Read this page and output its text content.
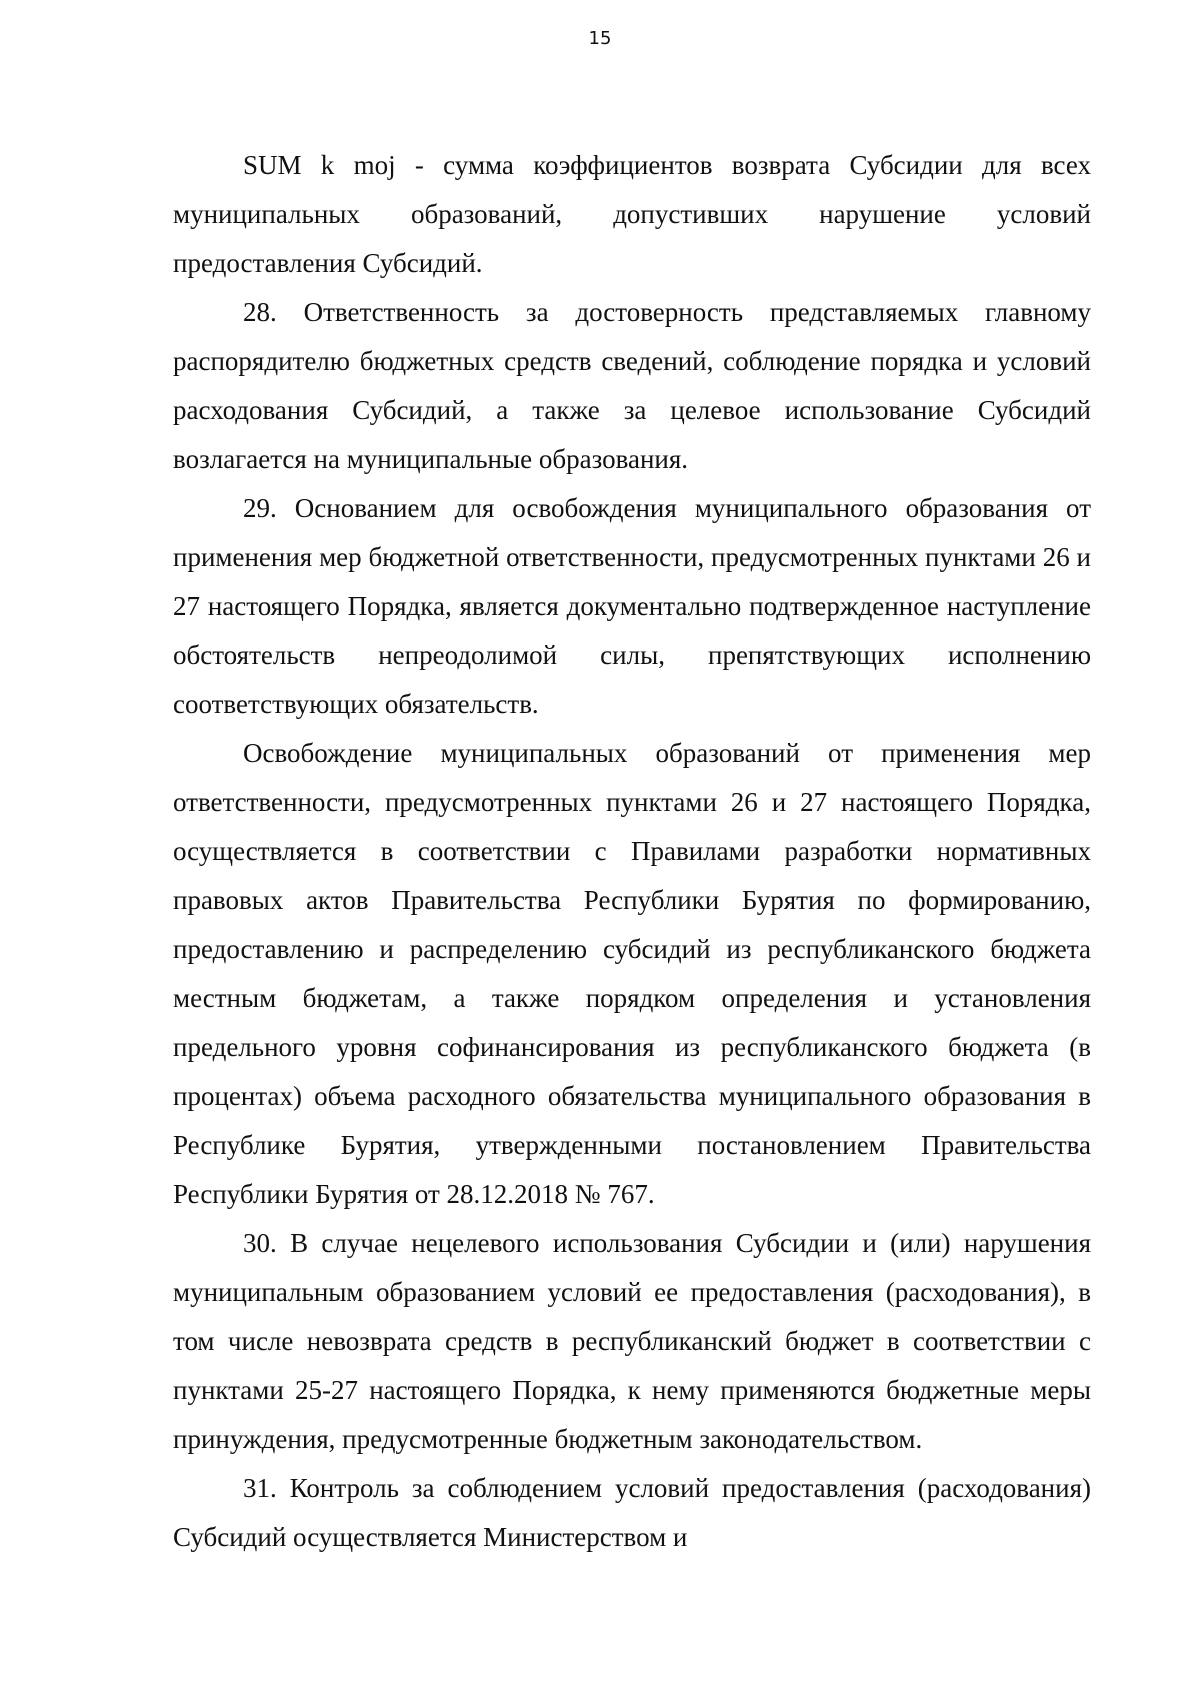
15

SUM k moj - сумма коэффициентов возврата Субсидии для всех муниципальных образований, допустивших нарушение условий предоставления Субсидий.

28. Ответственность за достоверность представляемых главному распорядителю бюджетных средств сведений, соблюдение порядка и условий расходования Субсидий, а также за целевое использование Субсидий возлагается на муниципальные образования.

29. Основанием для освобождения муниципального образования от применения мер бюджетной ответственности, предусмотренных пунктами 26 и 27 настоящего Порядка, является документально подтвержденное наступление обстоятельств непреодолимой силы, препятствующих исполнению соответствующих обязательств.

Освобождение муниципальных образований от применения мер ответственности, предусмотренных пунктами 26 и 27 настоящего Порядка, осуществляется в соответствии с Правилами разработки нормативных правовых актов Правительства Республики Бурятия по формированию, предоставлению и распределению субсидий из республиканского бюджета местным бюджетам, а также порядком определения и установления предельного уровня софинансирования из республиканского бюджета (в процентах) объема расходного обязательства муниципального образования в Республике Бурятия, утвержденными постановлением Правительства Республики Бурятия от 28.12.2018 № 767.

30. В случае нецелевого использования Субсидии и (или) нарушения муниципальным образованием условий ее предоставления (расходования), в том числе невозврата средств в республиканский бюджет в соответствии с пунктами 25-27 настоящего Порядка, к нему применяются бюджетные меры принуждения, предусмотренные бюджетным законодательством.

31. Контроль за соблюдением условий предоставления (расходования) Субсидий осуществляется Министерством и
